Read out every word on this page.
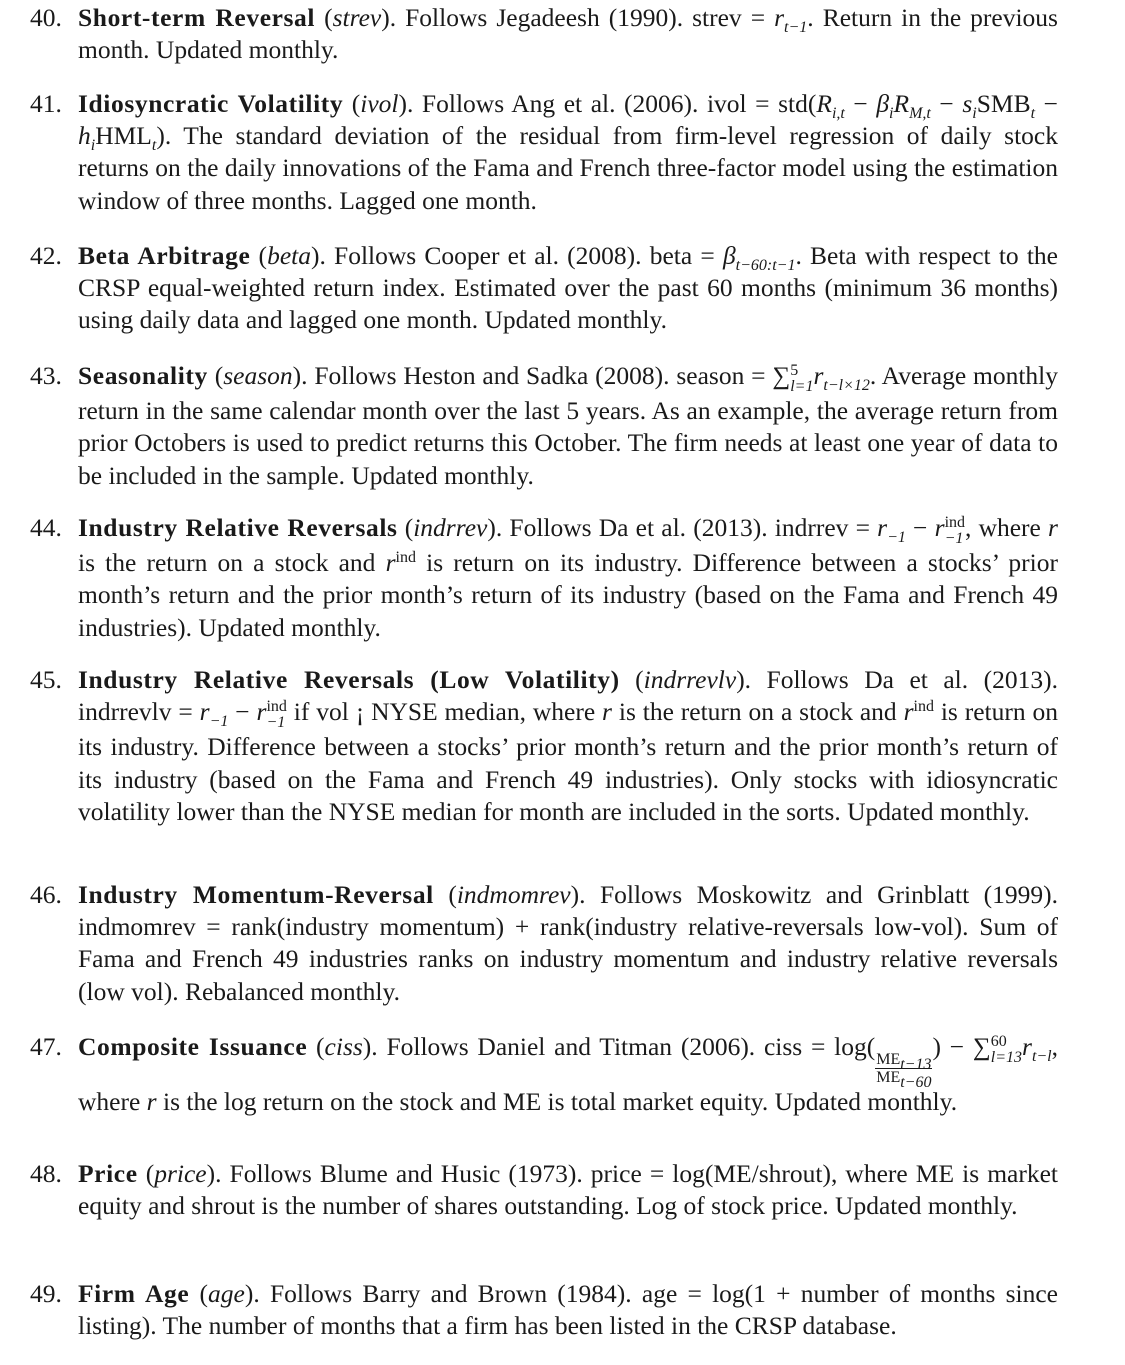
40. Short-term Reversal (strev). Follows Jegadeesh (1990). strev = $r_{t-1}$. Return in the previous month. Updated monthly.
41. Idiosyncratic Volatility (ivol). Follows Ang et al. (2006). ivol = $std(R_{i,t} - \beta_iR_{M,t} - s_iSMB_t - h_iHML_t)$. The standard deviation of the residual from firm-level regression of daily stock returns on the daily innovations of the Fama and French three-factor model using the estimation window of three months. Lagged one month.
42. Beta Arbitrage (beta). Follows Cooper et al. (2008). beta = $\beta_{t-60:t-1}$. Beta with respect to the CRSP equal-weighted return index. Estimated over the past 60 months (minimum 36 months) using daily data and lagged one month. Updated monthly.
43. Seasonality (season). Follows Heston and Sadka (2008). season = ∑ 5
l=1 $r_{t-l\times 12}$. Average monthly return in the same calendar month over the last 5 years. As an example, the average return from prior Octobers is used to predict returns this October. The firm needs at least one year of data to be included in the sample. Updated monthly.
44. Industry Relative Reversals (indrrev). Follows Da et al. (2013). indrrev = $r_{-1} - r$ ind
−1 , where r is the return on a stock and $r^{ind}$ is return on its industry. Difference between a stocks’ prior month’s return and the prior month’s return of its industry (based on the Fama and French 49 industries). Updated monthly.
45. Industry Relative Reversals (Low Volatility) (indrrevlv). Follows Da et al. (2013). indrrevlv = $r_{-1} - r$ ind
−1 if vol ¡ NYSE median, where r is the return on a stock and $r^{ind}$ is return on its industry. Difference between a stocks’ prior month’s return and the prior month’s return of its industry (based on the Fama and French 49 industries). Only stocks with idiosyncratic volatility lower than the NYSE median for month are included in the sorts. Updated monthly.
46. Industry Momentum-Reversal (indmomrev). Follows Moskowitz and Grinblatt (1999). indmomrev = rank(industry momentum) + rank(industry relative-reversals low-vol). Sum of Fama and French 49 industries ranks on industry momentum and industry relative reversals (low vol). Rebalanced monthly.
47. Composite Issuance (ciss). Follows Daniel and Titman (2006). ciss = log(
$\frac{ME_{t-13}}{ME_{t-60}}$
) − ∑ 60
l=13 $r_{t-l}$, where r is the log return on the stock and ME is total market equity. Updated monthly.
48. Price (price). Follows Blume and Husic (1973). price = log(ME/shrout), where ME is market equity and shrout is the number of shares outstanding. Log of stock price. Updated monthly.
49. Firm Age (age). Follows Barry and Brown (1984). age = log(1 + number of months since listing). The number of months that a firm has been listed in the CRSP database.
